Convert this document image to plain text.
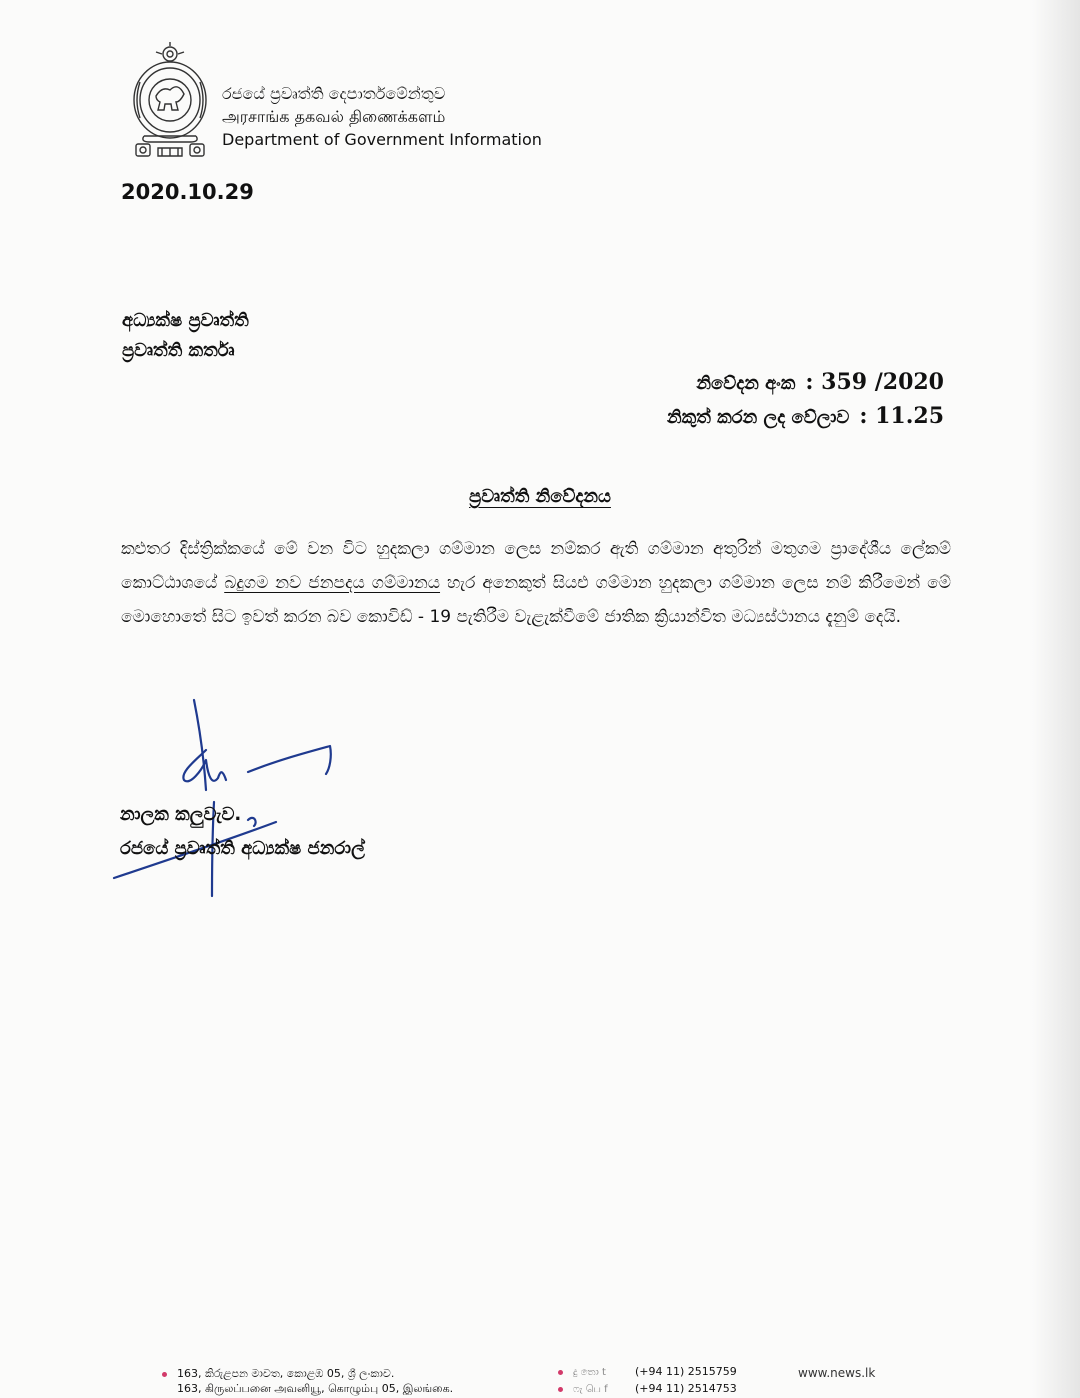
රජයේ ප්‍රවෘත්ති දෙපාර්තමේන්තුව
அரசாங்க தகவல் திணைக்களம்
Department of Government Information
2020.10.29
අධ්‍යක්ෂ ප්‍රවෘත්ති
ප්‍රවෘත්ති කර්තෘ
නිවේදන අංක : 359 /2020
නිකුත් කරන ලද වේලාව : 11.25
ප්‍රවෘත්ති නිවේදනය
කළුතර දිස්ත්‍රික්කයේ මේ වන විට හුදකලා ගම්මාන ලෙස නම්කර ඇති ගම්මාන අතුරින් මතුගම ප්‍රාදේශීය ලේකම් කොට්ඨාශයේ බදුගම නව ජනපදය ගම්මානය හැර අනෙකුත් සියළු ගම්මාන හුදකලා ගම්මාන ලෙස නම් කිරීමෙන් මේ මොහොතේ සිට ඉවත් කරන බව කොවිඩ් - 19 පැතිරීම වැළැක්වීමේ ජාතික ක්‍රියාන්විත මධ්‍යස්ථානය දැනුම් දෙයි.
නාලක කලුවැව.
රජයේ ප්‍රවෘත්ති අධ්‍යක්ෂ ජනරාල්
163, කිරුළපන මාවත, කොළඹ 05, ශ්‍රී ලංකාව.
163, கிருலப்பனை அவனியூ, கொழும்பு 05, இலங்கை.
දු තො t	(+94 11) 2515759
ෆැ பெ f (+94 11) 2514753
www.news.lk
